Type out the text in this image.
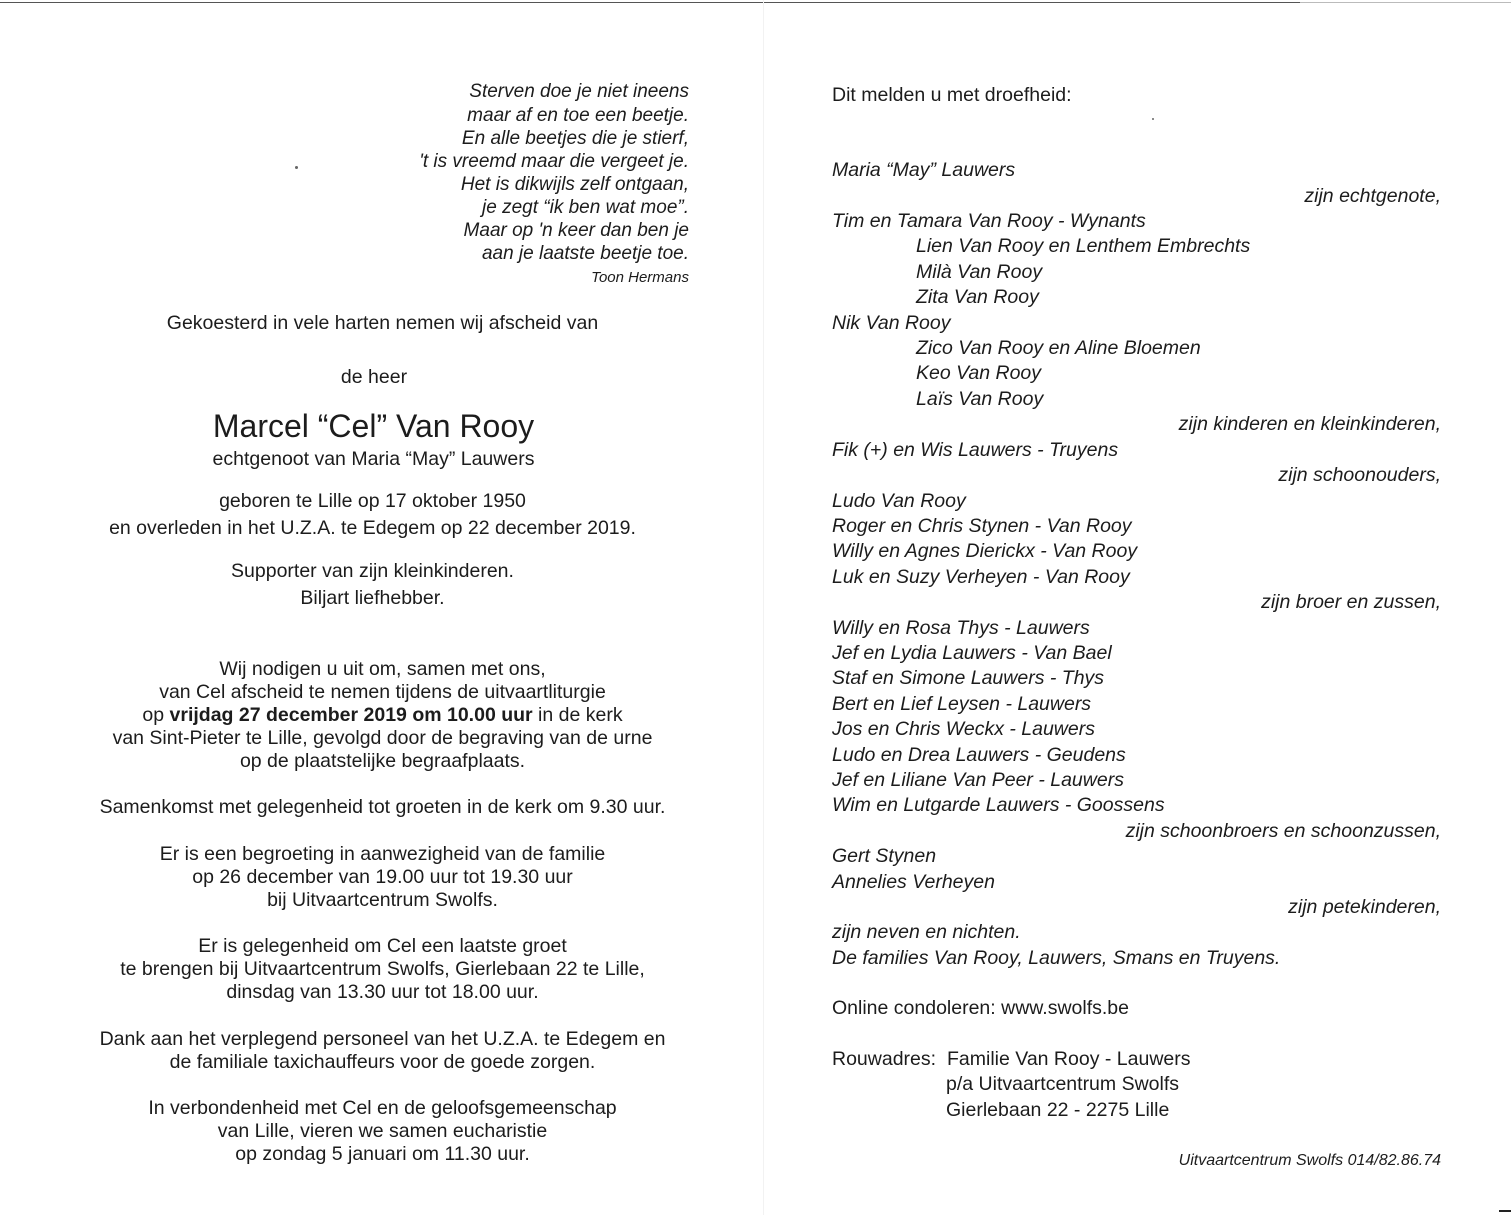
Sterven doe je niet ineens
maar af en toe een beetje.
En alle beetjes die je stierf,
't is vreemd maar die vergeet je.
Het is dikwijls zelf ontgaan,
je zegt “ik ben wat moe”.
Maar op 'n keer dan ben je
aan je laatste beetje toe.
Toon Hermans
Gekoesterd in vele harten nemen wij afscheid van
de heer
Marcel “Cel” Van Rooy
echtgenoot van Maria “May” Lauwers
geboren te Lille op 17 oktober 1950
en overleden in het U.Z.A. te Edegem op 22 december 2019.
Supporter van zijn kleinkinderen.
Biljart liefhebber.
Wij nodigen u uit om, samen met ons,
van Cel afscheid te nemen tijdens de uitvaartliturgie
op vrijdag 27 december 2019 om 10.00 uur in de kerk
van Sint-Pieter te Lille, gevolgd door de begraving van de urne
op de plaatstelijke begraafplaats.
Samenkomst met gelegenheid tot groeten in de kerk om 9.30 uur.
Er is een begroeting in aanwezigheid van de familie
op 26 december van 19.00 uur tot 19.30 uur
bij Uitvaartcentrum Swolfs.
Er is gelegenheid om Cel een laatste groet
te brengen bij Uitvaartcentrum Swolfs, Gierlebaan 22 te Lille,
dinsdag van 13.30 uur tot 18.00 uur.
Dank aan het verplegend personeel van het U.Z.A. te Edegem en
de familiale taxichauffeurs voor de goede zorgen.
In verbondenheid met Cel en de geloofsgemeenschap
van Lille, vieren we samen eucharistie
op zondag 5 januari om 11.30 uur.
Dit melden u met droefheid:
Maria “May” Lauwers
zijn echtgenote,
Tim en Tamara Van Rooy - Wynants
Lien Van Rooy en Lenthem Embrechts
Milà Van Rooy
Zita Van Rooy
Nik Van Rooy
Zico Van Rooy en Aline Bloemen
Keo Van Rooy
Laïs Van Rooy
zijn kinderen en kleinkinderen,
Fik (+) en Wis Lauwers - Truyens
zijn schoonouders,
Ludo Van Rooy
Roger en Chris Stynen - Van Rooy
Willy en Agnes Dierickx - Van Rooy
Luk en Suzy Verheyen - Van Rooy
zijn broer en zussen,
Willy en Rosa Thys - Lauwers
Jef en Lydia Lauwers - Van Bael
Staf en Simone Lauwers - Thys
Bert en Lief Leysen - Lauwers
Jos en Chris Weckx - Lauwers
Ludo en Drea Lauwers - Geudens
Jef en Liliane Van Peer - Lauwers
Wim en Lutgarde Lauwers - Goossens
zijn schoonbroers en schoonzussen,
Gert Stynen
Annelies Verheyen
zijn petekinderen,
zijn neven en nichten.
De families Van Rooy, Lauwers, Smans en Truyens.
Online condoleren: www.swolfs.be
Rouwadres: Familie Van Rooy - Lauwers
p/a Uitvaartcentrum Swolfs
Gierlebaan 22 - 2275 Lille
Uitvaartcentrum Swolfs 014/82.86.74
